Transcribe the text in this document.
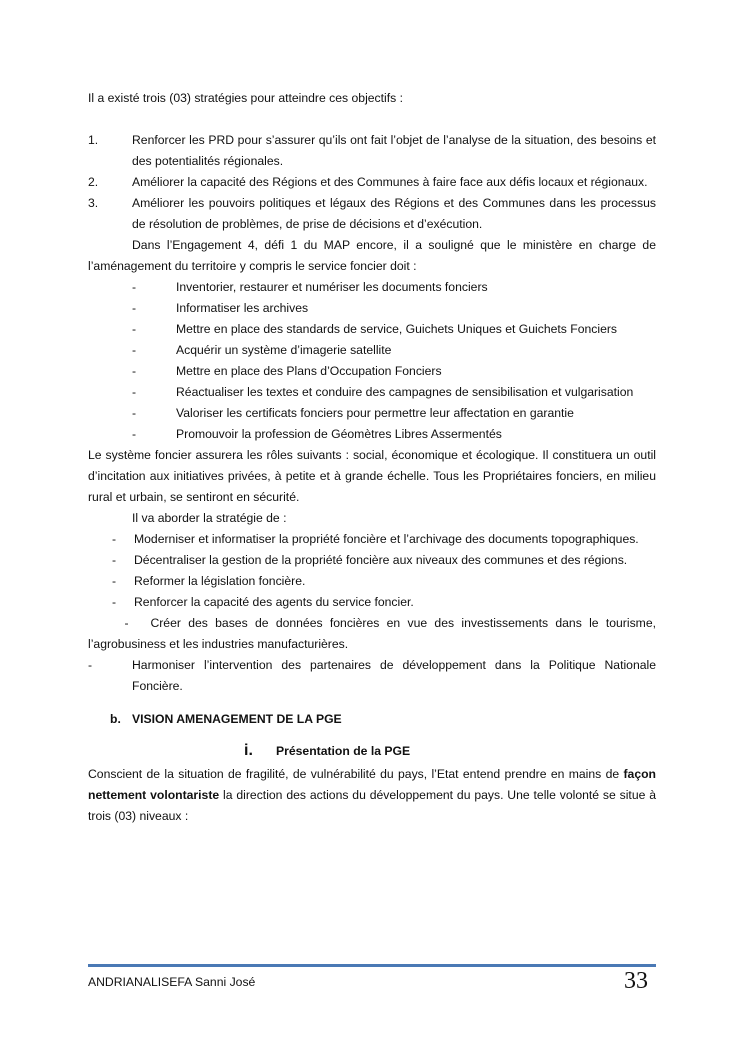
Il a existé trois (03) stratégies pour atteindre ces objectifs :

1.	Renforcer les PRD pour s’assurer qu’ils ont fait l’objet de l’analyse de la situation, des besoins et des potentialités régionales.
2.	Améliorer la capacité des Régions et des Communes à faire face aux défis locaux et régionaux.
3.	Améliorer les pouvoirs politiques et légaux des Régions et des Communes dans les processus de résolution de problèmes, de prise de décisions et d’exécution.

Dans l’Engagement 4, défi 1 du MAP encore, il a souligné que le ministère en charge de l’aménagement du territoire y compris le service foncier doit :

-	Inventorier, restaurer et numériser les documents fonciers
-	Informatiser les archives
-	Mettre en place des standards de service, Guichets Uniques et Guichets Fonciers
-	Acquérir un système d’imagerie satellite
-	Mettre en place des Plans d’Occupation Fonciers
-	Réactualiser les textes et conduire des campagnes de sensibilisation et vulgarisation
-	Valoriser les certificats fonciers pour permettre leur affectation en garantie
-	Promouvoir la profession de Géomètres Libres Assermentés

Le système foncier assurera les rôles suivants : social, économique et écologique. Il constituera un outil d’incitation aux initiatives privées, à petite et à grande échelle. Tous les Propriétaires fonciers, en milieu rural et urbain, se sentiront en sécurité.

Il va aborder la stratégie de :

-	Moderniser et informatiser la propriété foncière et l’archivage des documents topographiques.
-	Décentraliser la gestion de la propriété foncière aux niveaux des communes et des régions.
-	Reformer la législation foncière.
-	Renforcer la capacité des agents du service foncier.

- Créer des bases de données foncières en vue des investissements dans le tourisme, l’agrobusiness et les industries manufacturières.

-	Harmoniser l’intervention des partenaires de développement dans la Politique Nationale Foncière.
b. VISION AMENAGEMENT DE LA PGE
i.	Présentation de la PGE

Conscient de la situation de fragilité, de vulnérabilité du pays, l’Etat entend prendre en mains de façon nettement volontariste la direction des actions du développement du pays. Une telle volonté se situe à trois (03) niveaux :

ANDRIANALISEFA Sanni José	33
